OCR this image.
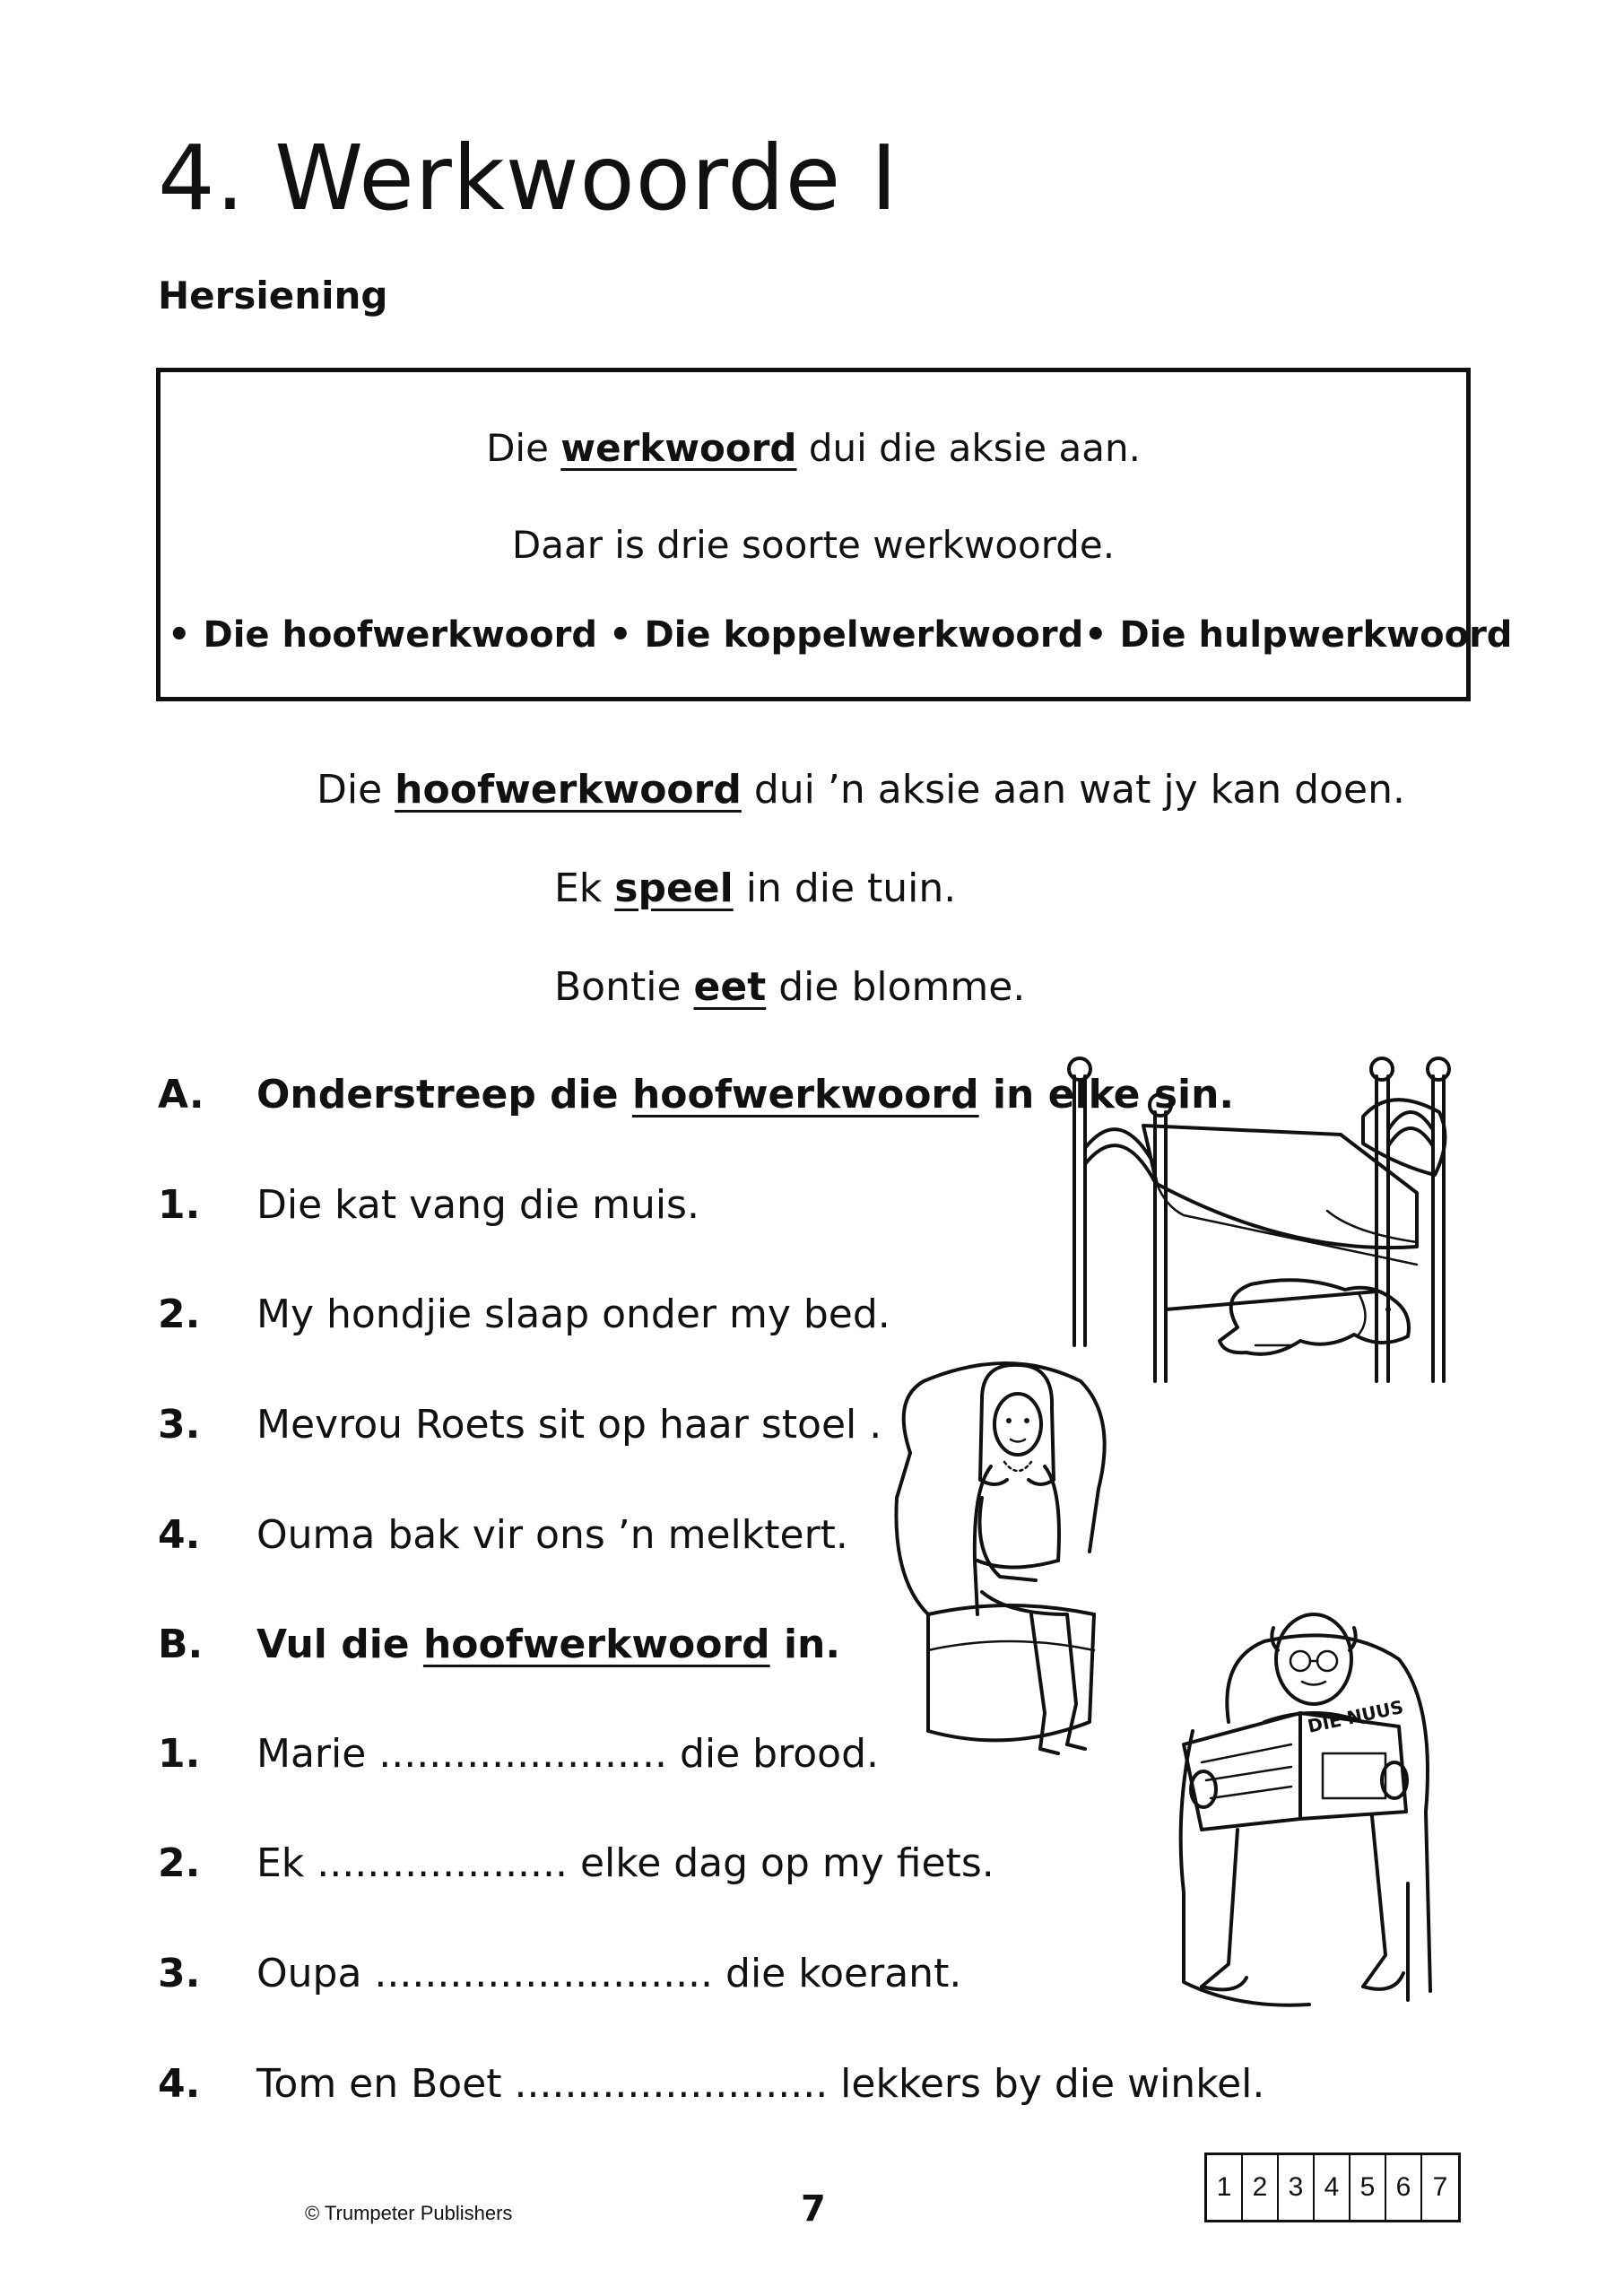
4. Werkwoorde I
Hersiening
Die werkwoord dui die aksie aan.
Daar is drie soorte werkwoorde.
• Die hoofwerkwoord • Die koppelwerkwoord • Die hulpwerkwoord
Die hoofwerkwoord dui ’n aksie aan wat jy kan doen.
Ek speel in die tuin.
Bontie eet die blomme.
A. Onderstreep die hoofwerkwoord in elke sin.
1. Die kat vang die muis.
2. My hondjie slaap onder my bed.
3. Mevrou Roets sit op haar stoel .
4. Ouma bak vir ons ’n melktert.
B. Vul die hoofwerkwoord in.
1. Marie ....................... die brood.
2. Ek .................... elke dag op my fiets.
3. Oupa ........................... die koerant.
4. Tom en Boet ......................... lekkers by die winkel.
DIE NUUS
© Trumpeter Publishers	7
1 2 3 4 5 6 7
